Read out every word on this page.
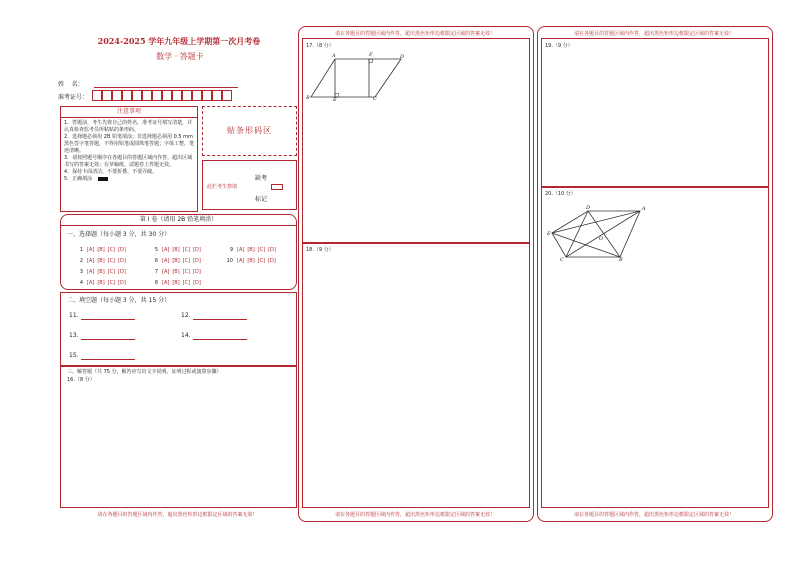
2024-2025 学年九年级上学期第一次月考卷
数学 · 答题卡
姓    名：
准考证号：
注意事项
1．答题前，考生先将自己的姓名，准考证号填写清楚，并认真检查监考员所粘贴的条形码。
2．选择题必须用 2B 铅笔填涂；非选择题必须用 0.5 mm 黑色签字笔答题，不得用铅笔或圆珠笔答题；字体工整、笔迹清晰。
3．请按照题号顺序在各题目的答题区域内作答，超出区域书写的答案无效；在草稿纸、试题卷上答题无效。
4．保持卡面清洁，不要折叠、不要弄破。
5．正确填涂
贴条形码区
此栏考生禁填
缺考
标记
第 I 卷（请用 2B 铅笔填涂）
一、选择题（每小题 3 分，共 30 分）
1 [A] [B] [C] [D]
2 [A] [B] [C] [D]
3 [A] [B] [C] [D]
4 [A] [B] [C] [D]
5 [A] [B] [C] [D]
6 [A] [B] [C] [D]
7 [A] [B] [C] [D]
8 [A] [B] [C] [D]
9 [A] [B] [C] [D]
10 [A] [B] [C] [D]
二、填空题（每小题 3 分，共 15 分）
11.	12.
13.	14.
15.
三、解答题（共 75 分，解答应写出文字说明、证明过程或演算步骤）
16.（8 分）
请在各题目的答题区域内作答，超出黑色矩形边框限定区域的答案无效！
请在各题目的答题区域内作答，超出黑色矩形边框限定区域的答案无效！
17.（8 分）
A	F	D
B	E	C
18.（9 分）
请在各题目的答题区域内作答，超出黑色矩形边框限定区域的答案无效！
请在各题目的答题区域内作答，超出黑色矩形边框限定区域的答案无效！
19.（9 分）
20.（10 分）
D	A
E
O
C	B
请在各题目的答题区域内作答，超出黑色矩形边框限定区域的答案无效！
